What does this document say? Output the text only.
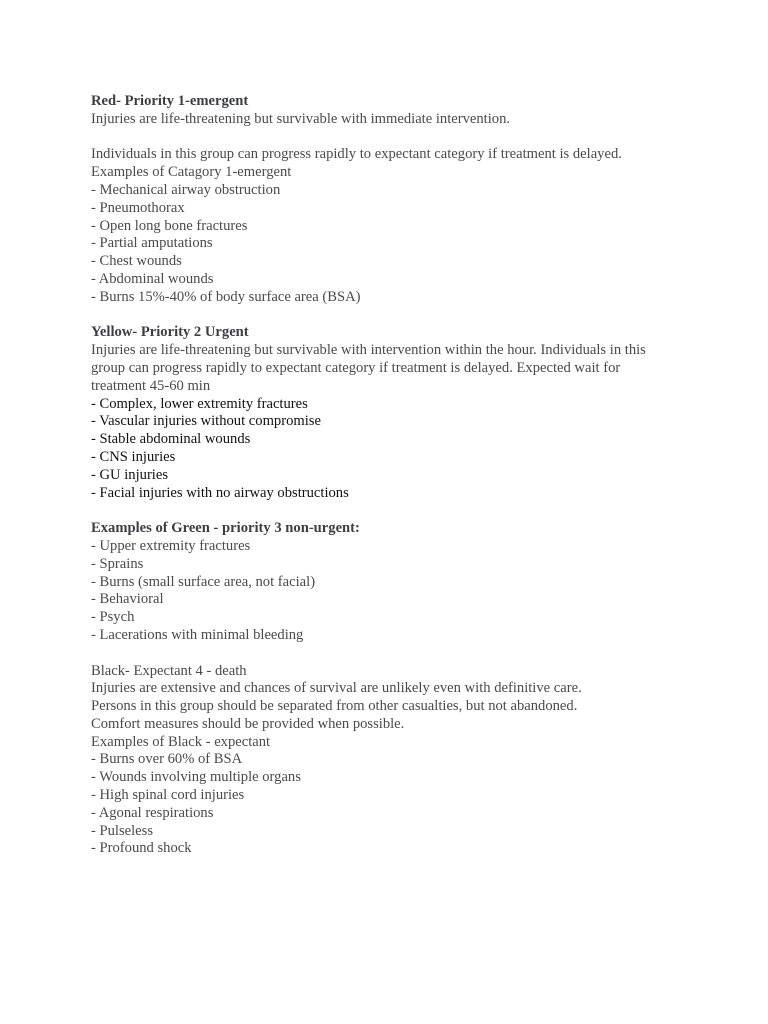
Red- Priority 1-emergent
Injuries are life-threatening but survivable with immediate intervention.
Individuals in this group can progress rapidly to expectant category if treatment is delayed.
Examples of Catagory 1-emergent
- Mechanical airway obstruction
- Pneumothorax
- Open long bone fractures
- Partial amputations
- Chest wounds
- Abdominal wounds
- Burns 15%-40% of body surface area (BSA)
Yellow- Priority 2 Urgent
Injuries are life-threatening but survivable with intervention within the hour. Individuals in this
group can progress rapidly to expectant category if treatment is delayed. Expected wait for
treatment 45-60 min
- Complex, lower extremity fractures
- Vascular injuries without compromise
- Stable abdominal wounds
- CNS injuries
- GU injuries
- Facial injuries with no airway obstructions
Examples of Green - priority 3 non-urgent:
- Upper extremity fractures
- Sprains
- Burns (small surface area, not facial)
- Behavioral
- Psych
- Lacerations with minimal bleeding
Black- Expectant 4 - death
Injuries are extensive and chances of survival are unlikely even with definitive care.
Persons in this group should be separated from other casualties, but not abandoned.
Comfort measures should be provided when possible.
Examples of Black - expectant
- Burns over 60% of BSA
- Wounds involving multiple organs
- High spinal cord injuries
- Agonal respirations
- Pulseless
- Profound shock
